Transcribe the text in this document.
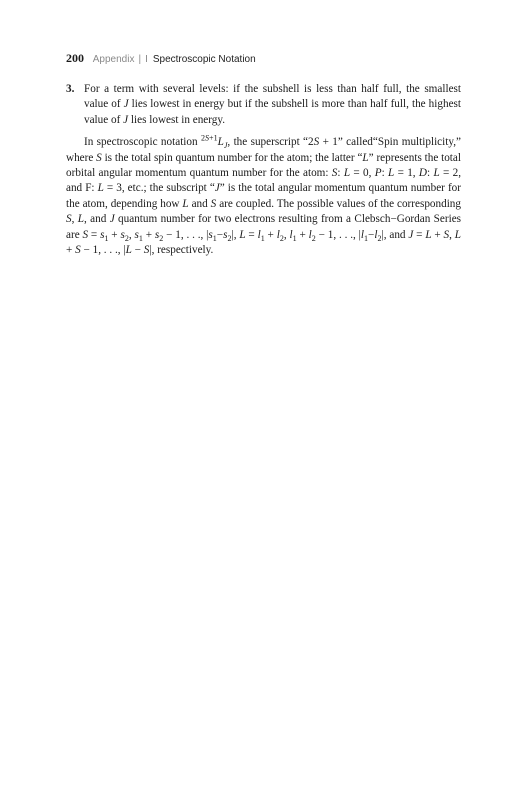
200 Appendix | I Spectroscopic Notation
3. For a term with several levels: if the subshell is less than half full, the smallest value of J lies lowest in energy but if the subshell is more than half full, the highest value of J lies lowest in energy.
In spectroscopic notation $^{2S+1}L_J$, the superscript “2S + 1” called“Spin multiplicity,” where S is the total spin quantum number for the atom; the latter “L” represents the total orbital angular momentum quantum number for the atom: S: L = 0, P: L = 1, D: L = 2, and F: L = 3, etc.; the subscript “J” is the total angular momentum quantum number for the atom, depending how L and S are coupled. The possible values of the corresponding S, L, and J quantum number for two electrons resulting from a Clebsch−Gordan Series are $S = s_1 + s_2$, $s_1 + s_2 - 1$, . . ., $|s_1-s_2|$, $L = l_1 + l_2$, $l_1 + l_2 - 1$, . . ., $|l_1-l_2|$, and J = L + S, L + S − 1, . . ., |L − S|, respectively.
